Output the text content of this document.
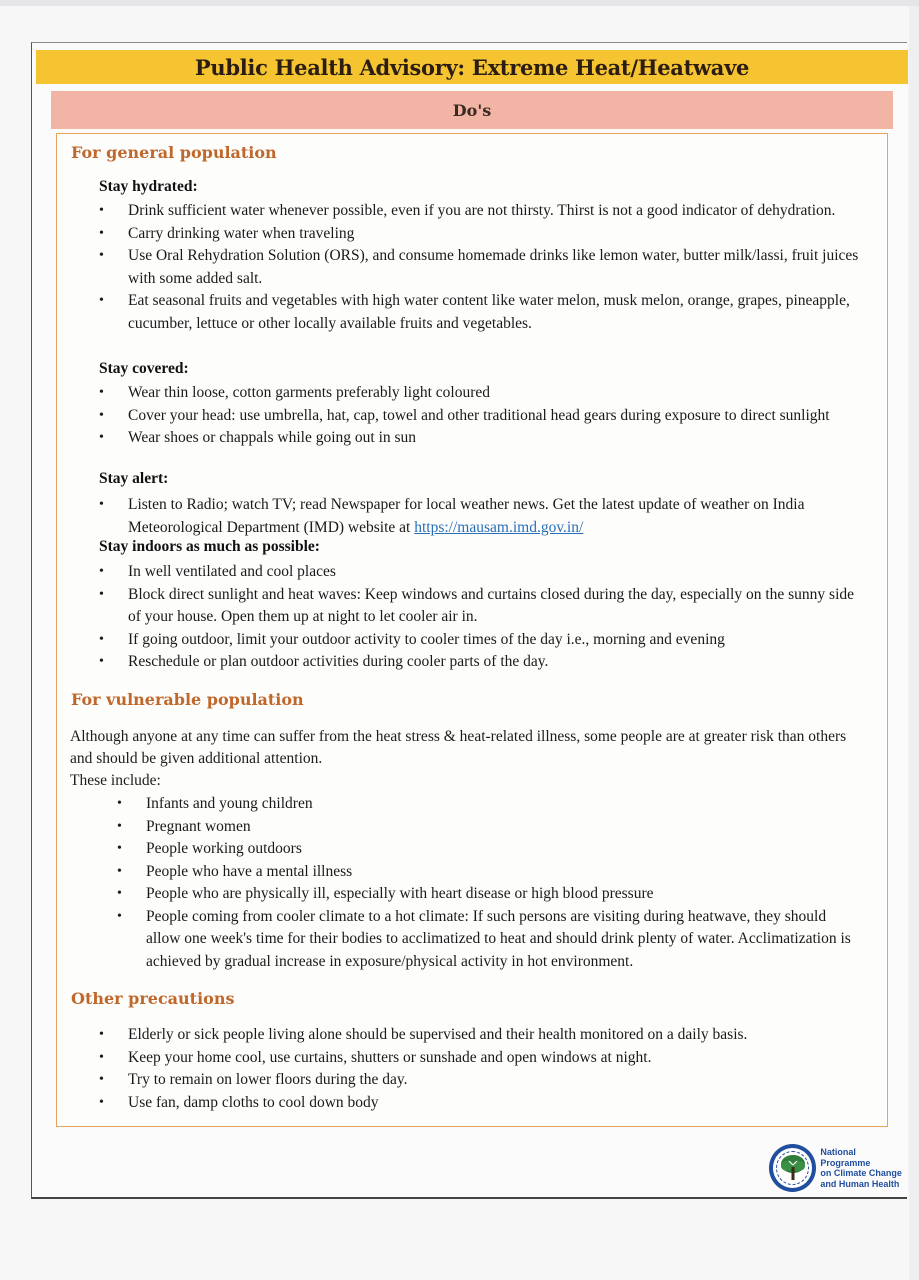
Public Health Advisory: Extreme Heat/Heatwave
Do's
For general population
Stay hydrated:
• Drink sufficient water whenever possible, even if you are not thirsty. Thirst is not a good indicator of dehydration.
• Carry drinking water when traveling
• Use Oral Rehydration Solution (ORS), and consume homemade drinks like lemon water, butter milk/lassi, fruit juices with some added salt.
• Eat seasonal fruits and vegetables with high water content like water melon, musk melon, orange, grapes, pineapple, cucumber, lettuce or other locally available fruits and vegetables.
Stay covered:
• Wear thin loose, cotton garments preferably light coloured
• Cover your head: use umbrella, hat, cap, towel and other traditional head gears during exposure to direct sunlight
• Wear shoes or chappals while going out in sun
Stay alert:
• Listen to Radio; watch TV; read Newspaper for local weather news. Get the latest update of weather on India Meteorological Department (IMD) website at https://mausam.imd.gov.in/
Stay indoors as much as possible:
• In well ventilated and cool places
• Block direct sunlight and heat waves: Keep windows and curtains closed during the day, especially on the sunny side of your house. Open them up at night to let cooler air in.
• If going outdoor, limit your outdoor activity to cooler times of the day i.e., morning and evening
• Reschedule or plan outdoor activities during cooler parts of the day.
For vulnerable population
Although anyone at any time can suffer from the heat stress & heat-related illness, some people are at greater risk than others and should be given additional attention.
These include:
• Infants and young children
• Pregnant women
• People working outdoors
• People who have a mental illness
• People who are physically ill, especially with heart disease or high blood pressure
• People coming from cooler climate to a hot climate: If such persons are visiting during heatwave, they should allow one week's time for their bodies to acclimatized to heat and should drink plenty of water. Acclimatization is achieved by gradual increase in exposure/physical activity in hot environment.
Other precautions
• Elderly or sick people living alone should be supervised and their health monitored on a daily basis.
• Keep your home cool, use curtains, shutters or sunshade and open windows at night.
• Try to remain on lower floors during the day.
• Use fan, damp cloths to cool down body
National Programme
on Climate Change
and Human Health
